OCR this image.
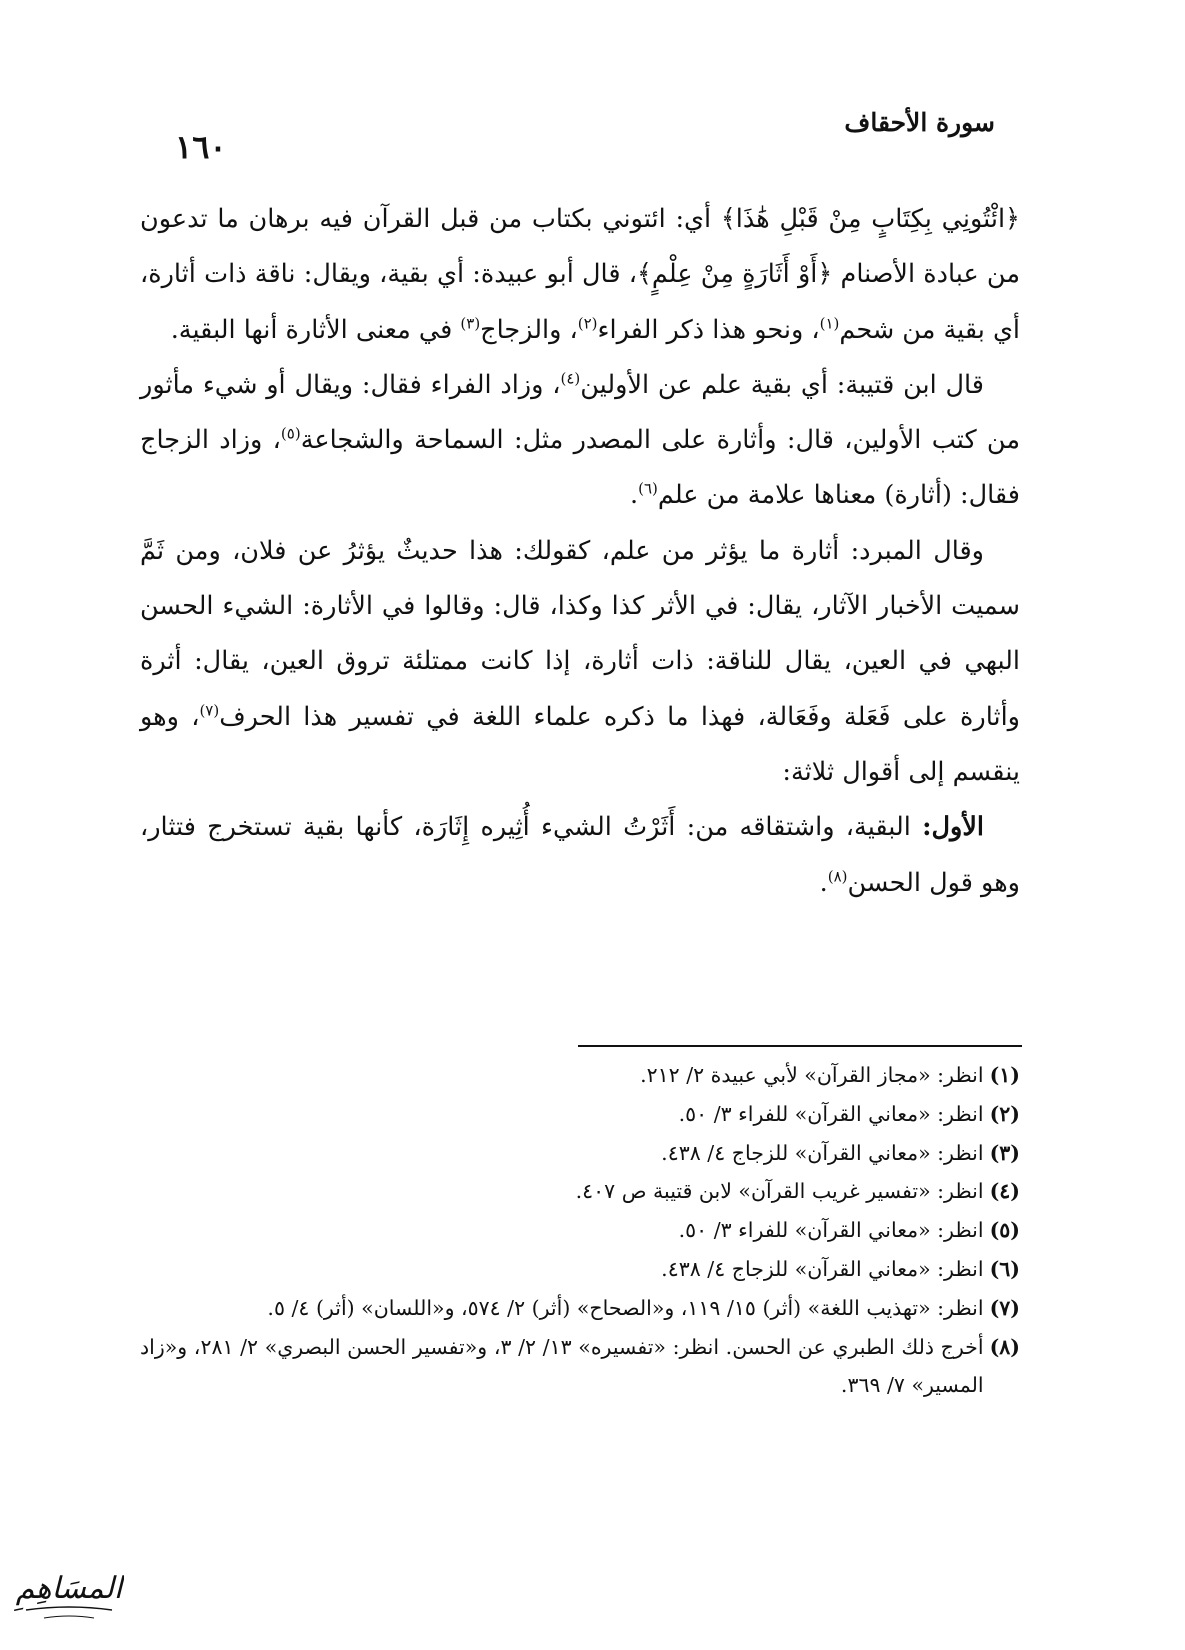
١٦٠
سورة الأحقاف

﴿ائْتُونِي بِكِتَابٍ مِنْ قَبْلِ هَٰذَا﴾ أي: ائتوني بكتاب من قبل القرآن فيه برهان ما تدعون من عبادة الأصنام ﴿أَوْ أَثَارَةٍ مِنْ عِلْمٍ﴾، قال أبو عبيدة: أي بقية، ويقال: ناقة ذات أثارة، أي بقية من شحم$^{(١)}$، ونحو هذا ذكر الفراء$^{(٢)}$، والزجاج$^{(٣)}$ في معنى الأثارة أنها البقية.

قال ابن قتيبة: أي بقية علم عن الأولين$^{(٤)}$، وزاد الفراء فقال: ويقال أو شيء مأثور من كتب الأولين، قال: وأثارة على المصدر مثل: السماحة والشجاعة$^{(٥)}$، وزاد الزجاج فقال: (أثارة) معناها علامة من علم$^{(٦)}$.

وقال المبرد: أثارة ما يؤثر من علم، كقولك: هذا حديثٌ يؤثرُ عن فلان، ومن ثَمَّ سميت الأخبار الآثار، يقال: في الأثر كذا وكذا، قال: وقالوا في الأثارة: الشيء الحسن البهي في العين، يقال للناقة: ذات أثارة، إذا كانت ممتلئة تروق العين، يقال: أثرة وأثارة على فَعَلة وفَعَالة، فهذا ما ذكره علماء اللغة في تفسير هذا الحرف$^{(٧)}$، وهو ينقسم إلى أقوال ثلاثة:

الأول: البقية، واشتقاقه من: أَثَرْتُ الشيء أُثِيره إِثَارَة، كأنها بقية تستخرج فتثار، وهو قول الحسن$^{(٨)}$.

(١)
انظر: «مجاز القرآن» لأبي عبيدة ٢/ ٢١٢.
(٢)
انظر: «معاني القرآن» للفراء ٣/ ٥٠.
(٣)
انظر: «معاني القرآن» للزجاج ٤/ ٤٣٨.
(٤)
انظر: «تفسير غريب القرآن» لابن قتيبة ص ٤٠٧.
(٥)
انظر: «معاني القرآن» للفراء ٣/ ٥٠.
(٦)
انظر: «معاني القرآن» للزجاج ٤/ ٤٣٨.
(٧)
انظر: «تهذيب اللغة» (أثر) ١٥/ ١١٩، و«الصحاح» (أثر) ٢/ ٥٧٤، و«اللسان» (أثر) ٤/ ٥.
(٨)
أخرج ذلك الطبري عن الحسن. انظر: «تفسيره» ١٣/ ٢/ ٣، و«تفسير الحسن البصري» ٢/ ٢٨١، و«زاد المسير» ٧/ ٣٦٩.
المسَاهِمِ
